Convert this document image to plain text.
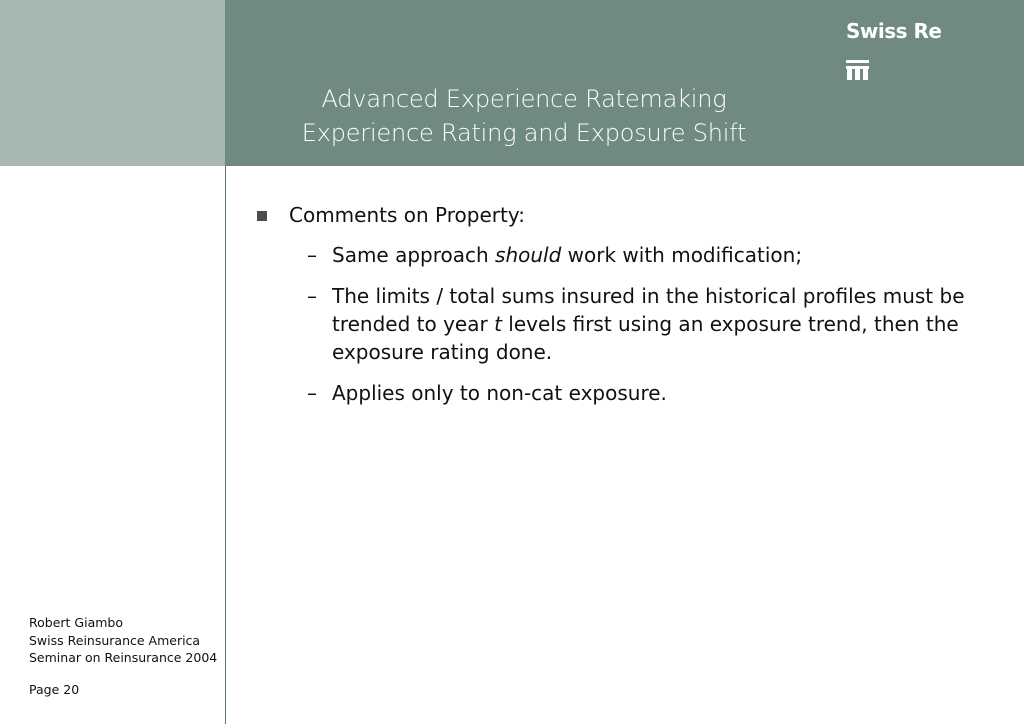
Advanced Experience Ratemaking
Experience Rating and Exposure Shift
Swiss Re
Comments on Property:
– Same approach should work with modification;
– The limits / total sums insured in the historical profiles must be trended to year t levels first using an exposure trend, then the exposure rating done.
– Applies only to non-cat exposure.
Robert Giambo
Swiss Reinsurance America
Seminar on Reinsurance 2004
Page 20
